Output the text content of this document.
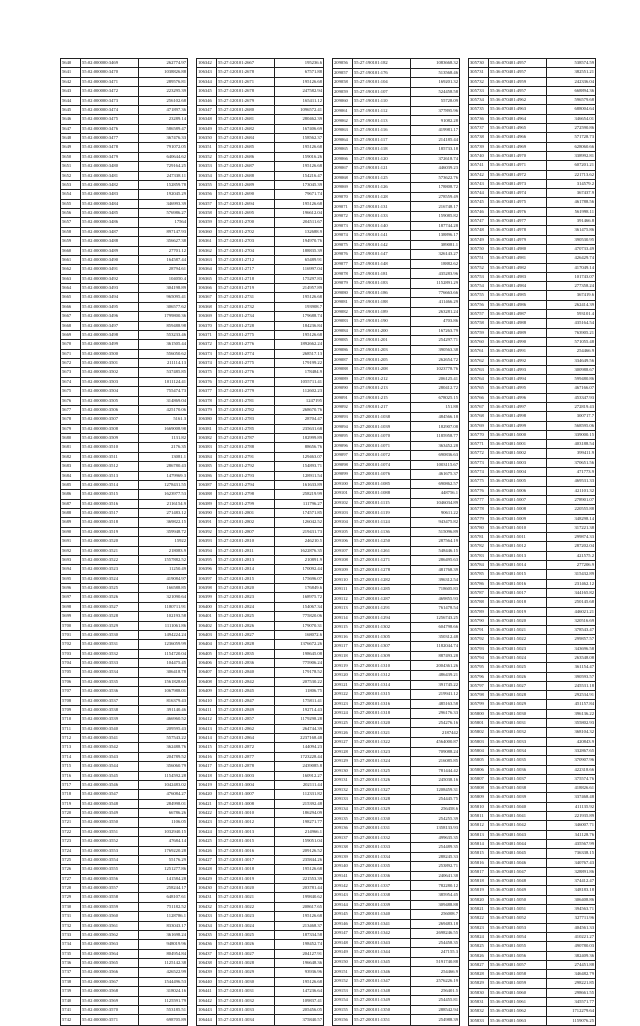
5640	55:02:000000:3469	262774.97
5641	55:02:000000:3470	1038826.88
5642	55:02:000000:3471	289576.81
5643	55:02:000000:3472	223295.39
5644	55:02:000000:3473	256102.68
5645	55:02:000000:3474	471897.36
5646	55:02:000000:3475	23289.14
5647	55:02:000000:3476	586589.47
5648	55:02:000000:3477	367476.33
5649	55:02:000000:3478	791072.05
5650	55:02:000000:3479	640644.62
5651	55:02:000000:3480	729164.25
5652	55:02:000000:3481	247338.11
5653	55:02:000000:3482	152859.78
5654	55:02:000000:3483	192045.29
5655	55:02:000000:3484	346993.39
5656	55:02:000000:3485	576986.27
5657	55:02:000000:3486	17564
5658	55:02:000000:3487	897147.93
5659	55:02:000000:3488	356627.38
5660	55:02:000000:3489	27701.12
5661	55:02:000000:3490	164587.44
5662	55:02:000000:3491	28794.61
5663	55:02:000000:3492	104050.4
5664	55:02:000000:3493	304198.89
5665	55:02:000000:3494	965095.41
5666	55:02:000000:3495	306577.62
5667	55:02:000000:3496	1799800.36
5668	55:02:000000:3497	859488.98
5669	55:02:000000:3498	553233.46
5670	55:02:000000:3499	361505.44
5671	55:02:000000:3500	556050.62
5672	55:02:000000:3501	211114.13
5673	55:02:000000:3502	537485.85
5674	55:02:000000:3503	1011124.41
5675	55:02:000000:3504	755474.73
5676	55:02:000000:3505	314869.04
5677	55:02:000000:3506	425170.06
5678	55:02:000000:3507	5161.3
5679	55:02:000000:3508	1669008.98
5680	55:02:000000:3509	1131.82
5681	55:02:000000:3510	2176.35
5682	55:02:000000:3511	13081.1
5683	55:02:000000:3512	286780.43
5684	55:02:000000:3513	1479969.3
5685	55:02:000000:3514	1278431.55
5686	55:02:000000:3515	1623977.53
5687	55:02:000000:3516	2116154.9
5688	55:02:000000:3517	271483.12
5689	55:02:000000:3518	369822.15
5690	55:02:000000:3519	359948.72
5691	55:02:000000:3520	15922
5692	55:02:000000:3521	218083.9
5693	55:02:000000:3522	1557882.52
5694	55:02:000000:3523	11250.49
5695	55:02:000000:3524	419084.97
5696	55:02:000000:3525	166588.85
5697	55:02:000000:3526	321090.64
5698	55:02:000000:3527	1180711.91
5699	55:02:000000:3528	102193.58
5700	55:02:000000:3529	1111061.86
5701	55:02:000000:3530	1494224.24
5702	55:02:000000:3531	1236059.99
5703	55:02:000000:3532	1154720.04
5704	55:02:000000:3533	104475.45
5705	55:02:000000:3534	306418.78
5706	55:02:000000:3535	1561828.65
5707	55:02:000000:3536	1067988.01
5708	55:02:000000:3537	816379.43
5709	55:02:000000:3538	391140.46
5710	55:02:000000:3539	466960.52
5711	55:02:000000:3540	209595.43
5712	55:02:000000:3541	557543.22
5713	55:02:000000:3542	362488.76
5714	55:02:000000:3543	204789.52
5715	55:02:000000:3544	356060.79
5716	55:02:000000:3545	1154592.28
5717	55:02:000000:3546	1042483.02
5718	55:02:000000:3547	476084.27
5719	55:02:000000:3548	284998.01
5720	55:02:000000:3549	66786.26
5721	55:02:000000:3550	1106.05
5722	55:02:000000:3551	1032940.15
5723	55:02:000000:3552	47684.14
5724	55:02:000000:3553	1769220.28
5725	55:02:000000:3554	55176.29
5726	55:02:000000:3555	1251277.86
5727	55:02:000000:3556	141584.28
5728	55:02:000000:3557	258244.17
5729	55:02:000000:3558	648107.61
5730	55:02:000000:3559	751182.52
5731	55:02:000000:3560	1128786.1
5732	55:02:000000:3561	833043.17
5733	55:02:000000:3562	361698.24
5734	55:02:000000:3563	948019.96
5735	55:02:000000:3564	804954.84
5736	55:02:000000:3565	1125142.38
5737	55:02:000000:3566	426522.99
5738	55:02:000000:3567	1544496.53
5739	55:02:000000:3568	318024.16
5740	55:02:000000:3569	1125591.79
5741	55:02:000000:3570	553185.51
5742	55:02:000000:3571	698705.89
106342	55:27:120101:2667	195236.6
106343	55:27:120101:2678	67571.88
106344	55:27:120101:2671	195126.68
106345	55:27:120101:2678	247582.94
106346	55:27:120101:2679	165411.12
106347	55:27:120101:2680	1096572.41
106348	55:27:120101:2681	280462.39
106349	55:27:120101:2682	167406.69
106350	55:27:120101:2684	158562.37
106351	55:27:120101:2685	195126.68
106352	55:27:120101:2686	159016.26
106353	55:27:120101:2687	195126.68
106354	55:27:120101:2688	154216.47
106355	55:27:120101:2689	173045.39
106356	55:27:120101:2690	79671.74
106357	55:27:120101:2694	195126.68
106358	55:27:120101:2695	196612.04
106359	55:27:120101:2700	204511.67
106360	55:27:120101:2702	132688.9
106361	55:27:120101:2703	194970.76
106362	55:27:120101:2704	188835.39
106363	55:27:120101:2712	65489.91
106364	55:27:120101:2717	116997.04
106365	55:27:120101:2718	175297.83
106366	55:27:120101:2719	214957.89
106367	55:27:120101:2731	195126.68
106368	55:27:120101:2732	193908.7
106369	55:27:120101:2734	179688.74
106370	55:27:120101:2728	184236.84
106371	55:27:120101:2775	195126.68
106372	55:27:120101:2776	1892662.24
106373	55:27:120101:2774	268517.13
106374	55:27:120101:2775	179199.22
106375	55:27:120101:2776	178484.9
106376	55:27:120101:2778	1055711.41
106377	55:27:120101:2779	112602.23
106378	55:27:120101:2781	1247195
106379	55:27:120101:2782	268670.76
106380	55:27:120101:2783	28704.47
106381	55:27:120101:2785	235631.68
106382	55:27:120101:2787	182999.89
106383	55:27:120101:2788	88656.76
106384	55:27:120101:2791	129463.07
106385	55:27:120101:2792	154893.71
106386	55:27:120101:2793	128911.54
106387	55:27:120101:2794	161633.89
106388	55:27:120101:2798	258219.99
106389	55:27:120101:2799	111796.27
106390	55:27:120101:2801	174571.85
106391	55:27:120101:2802	126042.52
106392	55:27:120101:2807	219431.73
106393	55:27:120101:2810	246210.5
106394	55:27:120101:2811	1622876.35
106395	55:27:120101:2813	210891.9
106396	55:27:120101:2814	170092.44
106397	55:27:120101:2815	175696.07
106398	55:27:120101:2820	176849.6
106399	55:27:120101:2823	168975.72
106400	55:27:120101:2824	154067.34
106401	55:27:120101:2825	775820.06
106402	55:27:120101:2826	179070.31
106403	55:27:120101:2827	168072.6
106404	55:27:120101:2828	1376672.26
106405	55:27:120101:2835	198645.08
106406	55:27:120101:2836	775906.24
106407	55:27:120101:2840	179178.52
106408	55:27:120101:2842	207530.22
106409	55:27:120101:2845	11806.75
106410	55:27:120101:2847	175811.41
106411	55:27:120101:2849	192714.43
106412	55:27:120101:2857	1179298.28
106413	55:27:120101:2862	264744.39
106414	55:27:120101:2864	2237168.48
106415	55:27:120101:2872	144094.23
106416	55:27:120101:2877	1723228.44
106417	55:27:120101:2878	2439085.8
106418	55:27:120101:3003	160912.27
106419	55:27:120101:3004	202111.44
106420	55:27:120101:3007	112331.82
106421	55:27:120101:3008	215392.48
106422	55:27:120101:3010	186294.09
106423	55:27:120101:3012	198271.77
106424	55:27:120101:3013	214966.1
106425	55:27:120101:3015	159051.04
106426	55:27:120101:3016	209126.52
106427	55:27:120101:3017	235844.26
106428	55:27:120101:3018	195126.68
106429	55:27:120101:3019	221553.39
106430	55:27:120101:3020	203781.44
106431	55:27:120101:3021	199840.62
106432	55:27:120101:3022	208617.65
106433	55:27:120101:3023	195126.68
106434	55:27:120101:3024	213468.37
106435	55:27:120101:3025	187334.58
106436	55:27:120101:3026	198452.74
106437	55:27:120101:3027	204127.91
106438	55:27:120101:3028	196648.36
106439	55:27:120101:3029	93936.96
106440	55:27:120101:3030	195126.68
106441	55:27:120101:3031	147236.64
106442	55:27:120101:3032	109837.41
106443	55:27:120101:3033	205456.05
106444	55:27:120101:3034	375840.57
209056	55:27:190101:182	1083668.32
209057	55:27:190101:176	513568.46
209058	55:27:190101:104	169201.32
209059	55:27:190101:107	524458.58
209060	55:27:190101:110	55728.09
209061	55:27:190101:112	377895.96
209062	55:27:190101:113	91082.28
209063	55:27:190101:116	419981.17
209064	55:27:190101:117	214185.44
209065	55:27:190101:118	185733.18
209066	55:27:190101:120	372618.74
209067	55:27:190101:121	446039.23
209068	55:27:190101:125	573622.76
209069	55:27:190101:126	178808.72
209070	55:27:190101:128	278559.49
209071	55:27:190101:131	216748.17
209072	55:27:190101:133	159085.82
209073	55:27:190101:140	187744.28
209074	55:27:190101:141	138896.17
209075	55:27:190101:142	389081.1
209076	55:27:190101:147	326143.27
209077	55:27:190101:148	18882.62
209078	55:27:190101:181	435283.96
209079	55:27:190101:183	1152891.29
209080	55:27:190101:186	776663.66
209081	55:27:190101:188	411466.29
209082	55:27:190101:189	263281.24
209083	55:27:190101:190	4703.86
209084	55:27:190101:200	167263.79
209085	55:27:190101:201	254297.71
209086	55:27:190101:203	390563.38
209087	55:27:190101:205	262654.72
209088	55:27:190101:208	1023778.76
209089	55:27:190101:212	206125.41
209090	55:27:190101:213	280412.72
209091	55:27:190101:215	678025.15
209092	55:27:190101:217	151.88
209093	55:27:200101:1038	484566.18
209094	55:27:200101:1039	182907.08
209095	55:27:200101:1070	1185958.77
209096	55:27:200101:1071	363452.28
209097	55:27:200101:1072	690836.63
209098	55:27:200101:1074	1003115.67
209099	55:27:200101:1076	461675.37
209100	55:27:200101:1085	690862.57
209101	55:27:200101:1088	448756.1
209102	55:27:200101:1115	1046034.89
209103	55:27:200101:1119	90611.22
209104	55:27:200101:1124	943475.82
209105	55:27:200101:1136	515096.89
209106	55:27:200101:1250	287564.19
209107	55:27:200101:1261	548446.15
209108	55:27:200101:1271	286495.63
209109	55:27:200101:1278	481768.39
209110	55:27:200101:1282	396312.54
209111	55:27:200101:1285	718605.83
209112	55:27:200101:1287	469855.93
209113	55:27:200101:1291	761478.54
209114	55:27:200101:1294	1256743.25
209115	55:27:200101:1302	604798.66
209116	55:27:200101:1305	350312.48
209117	55:27:200101:1307	1182044.74
209118	55:27:200101:1309	887493.28
209119	55:27:200101:1310	2004361.26
209120	55:27:200101:1312	486439.21
209121	55:27:200101:1314	391745.22
209122	55:27:200101:1315	219941.12
209123	55:27:200101:1316	485163.58
209124	55:27:200101:1318	296176.33
209125	55:27:200101:1320	254276.16
209126	55:27:200101:1321	2187442
209127	55:27:200101:1322	4564000.87
209128	55:27:200101:1323	709088.24
209129	55:27:200101:1324	216085.85
209130	55:27:200101:1325	781444.42
209131	55:27:200101:1326	245038.16
209132	55:27:200101:1327	1208459.31
209133	55:27:200101:1328	254445.75
209134	55:27:200101:1329	256458.6
209135	55:27:200101:1330	254255.39
209136	55:27:200101:1331	1358133.93
209137	55:27:200101:1332	499635.35
209138	55:27:200101:1333	254489.35
209139	55:27:200101:1334	288245.33
209140	55:27:200101:1335	253892.71
209141	55:27:200101:1336	240641.38
209142	55:27:200101:1337	782280.12
209143	55:27:200101:1338	385954.45
209144	55:27:200101:1339	309488.88
209145	55:27:200101:1340	256008.7
209146	55:27:200101:1341	269483.18
209147	55:27:200101:1342	2698246.55
209148	55:27:200101:1343	254458.35
209149	55:27:200101:1344	247155.3
209150	55:27:200101:1345	5191740.88
209151	55:27:200101:1346	254466.9
209152	55:27:200101:1347	2576226.19
209153	55:27:200101:1348	256401.5
209154	55:27:200101:1349	254455.81
209155	55:27:200101:1350	288542.94
209156	55:27:200101:1351	254988.39
305730	55:36:070401:4957	538574.59
305731	55:36:070401:4957	382551.21
305732	55:36:070401:4959	242336.04
305733	55:36:070401:4957	668894.36
305734	55:36:070401:4962	596579.68
305735	55:36:070401:4963	688004.64
305736	55:36:070401:4964	346654.01
305737	55:36:070401:4965	272590.86
305738	55:36:070401:4966	571728.73
305739	55:36:070401:4969	628060.66
305740	55:36:070401:4970	338992.81
305741	55:36:070401:4971	607201.21
305742	55:36:070401:4972	221713.62
305743	55:36:070401:4973	314579.2
305744	55:36:070401:4974	367437.9
305745	55:36:070401:4975	461788.56
305746	55:36:070401:4976	561998.11
305747	55:36:070401:4977	391466.8
305748	55:36:070401:4978	361475.86
305749	55:36:070401:4979	390530.95
305750	55:36:070401:4980	470733.49
305751	55:36:070401:4981	426429.74
305752	55:36:070401:4982	417049.14
305753	55:36:070401:4983	101743.07
305754	55:36:070401:4984	277358.24
305755	55:36:070401:4985	367419.6
305756	55:36:070401:4986	262414.39
305757	55:36:070401:4987	593101.4
305758	55:36:070401:4988	435164.54
305759	55:36:070401:4989	763905.21
305760	55:36:070401:4990	571055.48
305761	55:36:070401:4991	254466.9
305762	55:36:070401:4992	334649.56
305763	55:36:070401:4993	300988.67
305764	55:36:070401:4994	599480.86
305765	55:36:070401:4995	467166.07
305766	55:36:070401:4996	453347.93
305767	55:36:070401:4997	272819.43
305768	55:36:070401:4998	300717.7
305769	55:36:070401:4999	568595.06
305770	55:36:070401:5000	339000.15
305771	55:36:070401:5001	403188.54
305772	55:36:070401:5002	399411.9
305773	55:36:070401:5003	370651.56
305774	55:36:070401:5004	471773.9
305775	55:36:070401:5005	469531.33
305776	55:36:070401:5006	421101.32
305777	55:36:070401:5007	278901.07
305778	55:36:070401:5008	220555.88
305779	55:36:070401:5009	348298.14
305780	55:36:070401:5010	317221.38
305781	55:36:070401:5011	299874.33
305782	55:36:070401:5012	287202.04
305783	55:36:070401:5013	421575.2
305784	55:36:070401:5014	277206.9
305785	55:36:070401:5015	315432.89
305786	55:36:070401:5016	231462.12
305787	55:36:070401:5017	344165.82
305788	55:36:070401:5018	250145.68
305789	55:36:070401:5019	446021.21
305790	55:36:070401:5020	320516.69
305791	55:36:070401:5021	378543.47
305792	55:36:070401:5022	299857.57
305793	55:36:070401:5023	343696.58
305794	55:36:070401:5024	263548.08
305795	55:36:070401:5025	361154.47
305796	55:36:070401:5026	390593.57
305797	55:36:070401:5027	245531.18
305798	55:36:070401:5028	292534.91
305799	55:36:070401:5029	451157.84
305800	55:36:070401:5030	396136.22
305801	55:36:070401:5031	355802.93
305802	55:36:070401:5032	368104.32
305803	55:36:070401:5033	420843.9
305804	55:36:070401:5034	332867.65
305805	55:36:070401:5035	370907.96
305806	55:36:070401:5036	422318.66
305807	55:36:070401:5037	375574.76
305808	55:36:070401:5038	418826.61
305809	55:36:070401:5039	337468.48
305810	55:36:070401:5040	411135.92
305811	55:36:070401:5041	221935.89
305812	55:36:070401:5042	346007.71
305813	55:36:070401:5043	341128.76
305814	55:36:070401:5044	435567.99
305815	55:36:070401:5045	736338.15
305816	55:36:070401:5046	340767.43
305817	55:36:070401:5047	328891.86
305818	55:36:070401:5048	374412.47
305819	55:36:070401:5049	348183.18
305820	55:36:070401:5050	306408.86
305821	55:36:070401:5051	394563.71
305822	55:36:070401:5052	327711.96
305823	55:36:070401:5053	404561.33
305824	55:36:070401:5054	410221.27
305825	55:36:070401:5055	490780.03
305826	55:36:070401:5056	382409.36
305827	55:36:070401:5057	274451.88
305828	55:36:070401:5058	346482.79
305829	55:36:070401:5059	298221.85
305830	55:36:070401:5060	298661.55
305831	55:36:070401:5061	345571.77
305832	55:36:070401:5062	1712279.64
305833	55:36:070401:5063	1159076.25
